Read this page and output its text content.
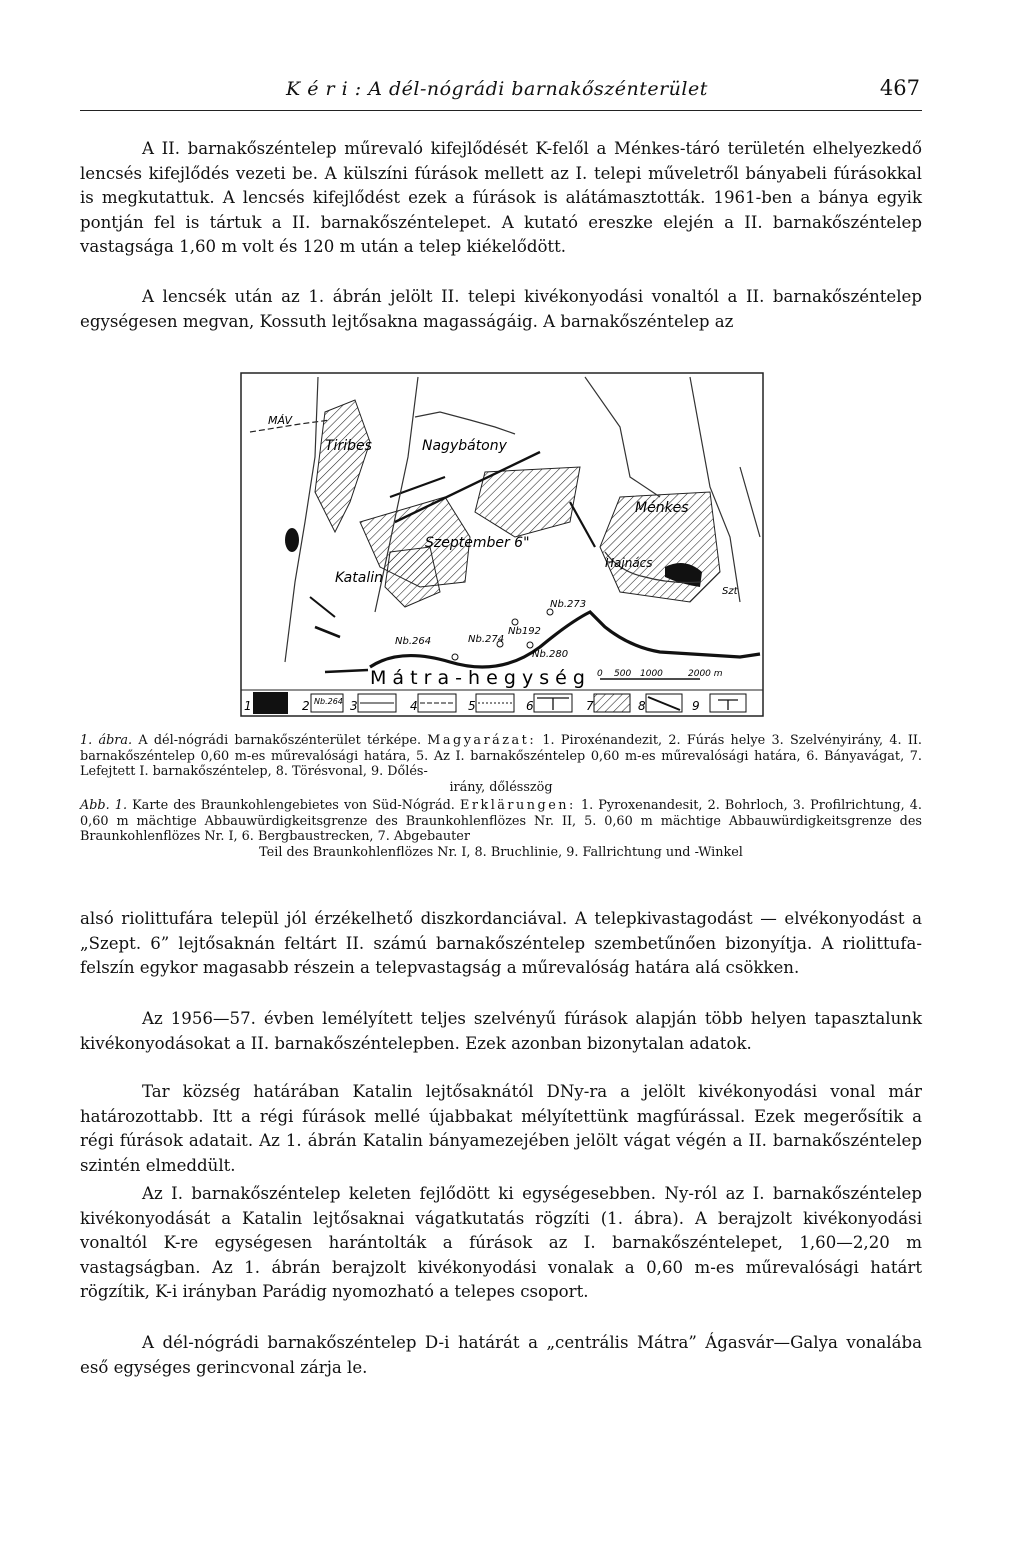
K é r i : A dél-nógrádi barnakőszénterület	467

A II. barnakőszéntelep műrevaló kifejlődését K-felől a Ménkes-táró területén elhelyezkedő lencsés kifejlődés vezeti be. A külszíni fúrások mellett az I. telepi műveletről bányabeli fúrásokkal is megkutattuk. A lencsés kifejlődést ezek a fúrások is alátámasztották. 1961-ben a bánya egyik pontján fel is tártuk a II. barnakőszéntelepet. A kutató ereszke elején a II. barnakőszéntelep vastagsága 1,60 m volt és 120 m után a telep kiékelődött.

A lencsék után az 1. ábrán jelölt II. telepi kivékonyodási vonaltól a II. barnakőszéntelep egységesen megvan, Kossuth lejtősakna magasságáig. A barnakőszéntelep az

MÁV
Tiribes	Nagybátony
Szeptember 6"
Katalin
Ménkes
Hajnács
Szt
Nb.273
Nb192
Nb.264	Nb.274
Nb.280
M á t r a - h e g y s é g 0 500 1000	2000 m
1	2 Nb.264 3	4	5	6	7	8	9

1. ábra. A dél-nógrádi barnakőszénterület térképe. Magyarázat: 1. Piroxénandezit, 2. Fúrás helye 3. Szelvényirány, 4. II. barnakőszéntelep 0,60 m-es műrevalósági határa, 5. Az I. barnakőszéntelep 0,60 m-es műrevalósági határa, 6. Bányavágat, 7. Lefejtett I. barnakőszéntelep, 8. Törésvonal, 9. Dőlés-
irány, dőlésszög

Abb. 1. Karte des Braunkohlengebietes von Süd-Nógrád. Erklärungen: 1. Pyroxenandesit, 2. Bohrloch, 3. Profilrichtung, 4. 0,60 m mächtige Abbauwürdigkeitsgrenze des Braunkohlenflözes Nr. II, 5. 0,60 m mächtige Abbauwürdigkeitsgrenze des Braunkohlenflözes Nr. I, 6. Bergbaustrecken, 7. Abgebauter
Teil des Braunkohlenflözes Nr. I, 8. Bruchlinie, 9. Fallrichtung und -Winkel

alsó riolittufára települ jól érzékelhető diszkordanciával. A telepkivastagodást — elvékonyodást a „Szept. 6” lejtősaknán feltárt II. számú barnakőszéntelep szembetűnően bizonyítja. A riolittufa-felszín egykor magasabb részein a telepvastagság a műrevalóság határa alá csökken.

Az 1956—57. évben lemélyített teljes szelvényű fúrások alapján több helyen tapasztalunk kivékonyodásokat a II. barnakőszéntelepben. Ezek azonban bizonytalan adatok.

Tar község határában Katalin lejtősaknától DNy-ra a jelölt kivékonyodási vonal már határozottabb. Itt a régi fúrások mellé újabbakat mélyítettünk magfúrással. Ezek megerősítik a régi fúrások adatait. Az 1. ábrán Katalin bányamezejében jelölt vágat végén a II. barnakőszéntelep szintén elmeddült.

Az I. barnakőszéntelep keleten fejlődött ki egységesebben. Ny-ról az I. barnakőszéntelep kivékonyodását a Katalin lejtősaknai vágatkutatás rögzíti (1. ábra). A berajzolt kivékonyodási vonaltól K-re egységesen harántolták a fúrások az I. barnakőszéntelepet, 1,60—2,20 m vastagságban. Az 1. ábrán berajzolt kivékonyodási vonalak a 0,60 m-es műrevalósági határt rögzítik, K-i irányban Parádig nyomozható a telepes csoport.

A dél-nógrádi barnakőszéntelep D-i határát a „centrális Mátra” Ágasvár—Galya vonalába eső egységes gerincvonal zárja le.
